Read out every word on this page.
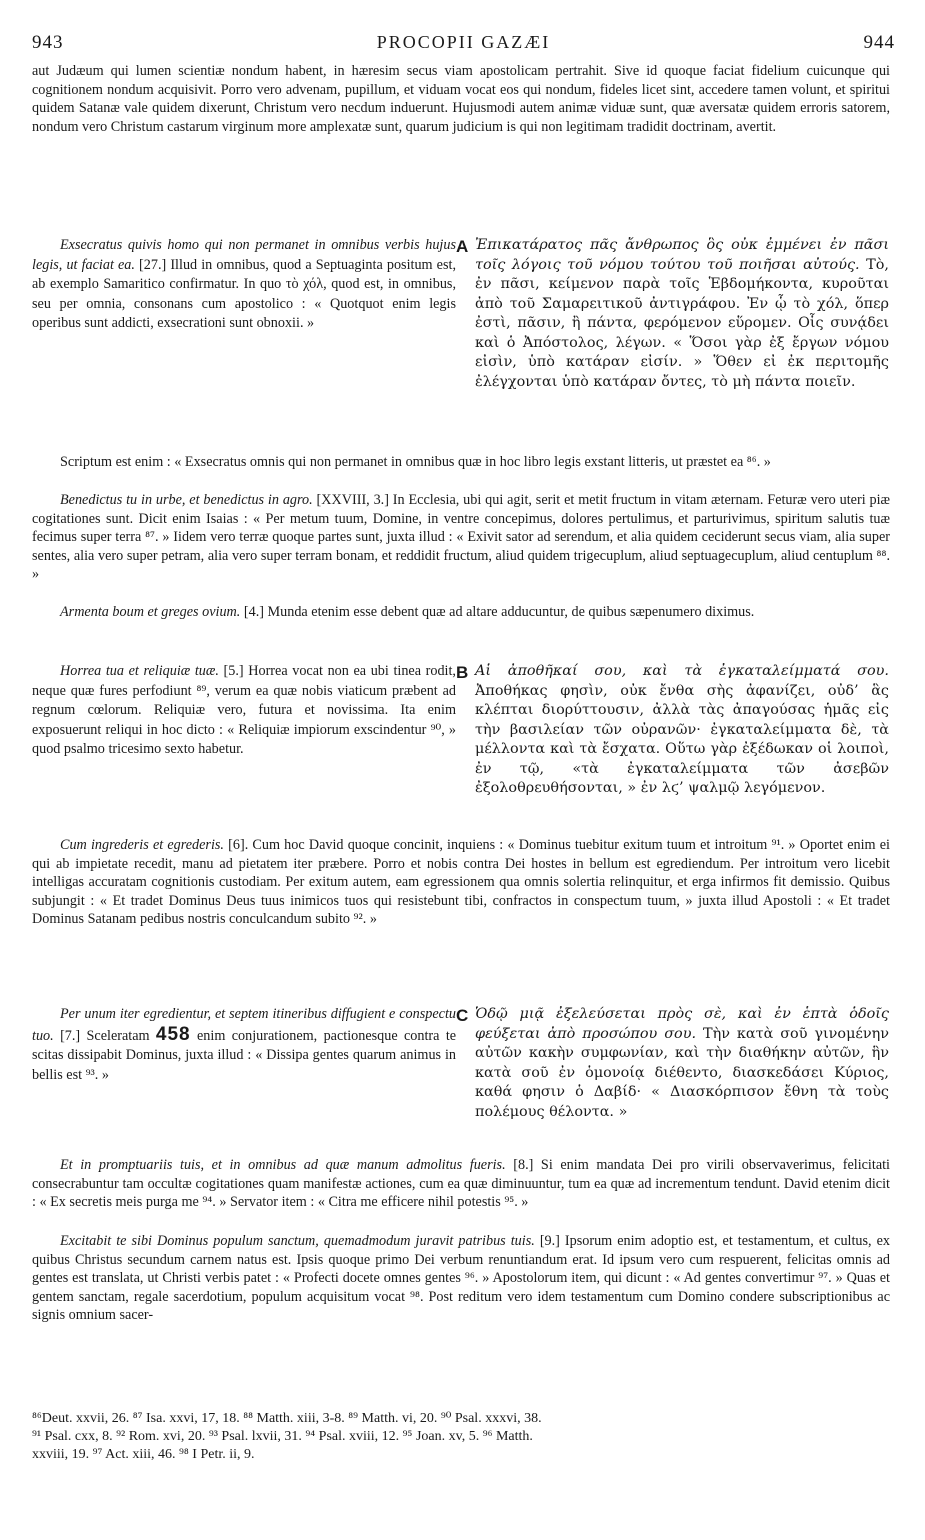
943	PROCOPII GAZÆI	944

aut Judæum qui lumen scientiæ nondum habent, in hæresim secus viam apostolicam pertrahit. Sive id quoque faciat fidelium cuicunque qui cognitionem nondum acquisivit. Porro vero advenam, pupillum, et viduam vocat eos qui nondum, fideles licet sint, accedere tamen volunt, et spiritui quidem Satanæ vale quidem dixerunt, Christum vero necdum induerunt. Hujusmodi autem animæ viduæ sunt, quæ aversatæ quidem erroris satorem, nondum vero Christum castarum virginum more amplexatæ sunt, quarum judicium is qui non legitimam tradidit doctrinam, avertit.

Exsecratus quivis homo qui non permanet in omnibus verbis hujus legis, ut faciat ea. [27.] Illud in omnibus, quod a Septuaginta positum est, ab exemplo Samaritico confirmatur. In quo τὸ χόλ, quod est, in omnibus, seu per omnia, consonans cum apostolico : « Quotquot enim legis operibus sunt addicti, exsecrationi sunt obnoxii. »

A Ἐπικατάρατος πᾶς ἄνθρωπος ὃς οὐκ ἐμμένει ἐν πᾶσι τοῖς λόγοις τοῦ νόμου τούτου τοῦ ποιῆσαι αὐτούς. Τὸ, ἐν πᾶσι, κείμενον παρὰ τοῖς Ἑβδομήκοντα, κυροῦται ἀπὸ τοῦ Σαμαρειτικοῦ ἀντιγράφου. Ἐν ᾧ τὸ χόλ, ὅπερ ἐστὶ, πᾶσιν, ἢ πάντα, φερόμενον εὕρομεν. Οἷς συνᾴδει καὶ ὁ Ἀπόστολος, λέγων. « Ὅσοι γὰρ ἐξ ἔργων νόμου εἰσὶν, ὑπὸ κατάραν εἰσίν. » Ὅθεν εἰ ἐκ περιτομῆς ἐλέγχονται ὑπὸ κατάραν ὄντες, τὸ μὴ πάντα ποιεῖν.

Scriptum est enim : « Exsecratus omnis qui non permanet in omnibus quæ in hoc libro legis exstant litteris, ut præstet ea ⁸⁶. »

Benedictus tu in urbe, et benedictus in agro. [XXVIII, 3.] In Ecclesia, ubi qui agit, serit et metit fructum in vitam æternam. Feturæ vero uteri piæ cogitationes sunt. Dicit enim Isaias : « Per metum tuum, Domine, in ventre concepimus, dolores pertulimus, et parturivimus, spiritum salutis tuæ fecimus super terra ⁸⁷. » Iidem vero terræ quoque partes sunt, juxta illud : « Exivit sator ad serendum, et alia quidem ceciderunt secus viam, alia super sentes, alia vero super petram, alia vero super terram bonam, et reddidit fructum, aliud quidem trigecuplum, aliud septuagecuplum, aliud centuplum ⁸⁸. »

Armenta boum et greges ovium. [4.] Munda etenim esse debent quæ ad altare adducuntur, de quibus sæpenumero diximus.

Horrea tua et reliquiæ tuæ. [5.] Horrea vocat non ea ubi tinea rodit, neque quæ fures perfodiunt ⁸⁹, verum ea quæ nobis viaticum præbent ad regnum cœlorum. Reliquiæ vero, futura et novissima. Ita enim exposuerunt reliqui in hoc dicto : « Reliquiæ impiorum exscindentur ⁹⁰, » quod psalmo tricesimo sexto habetur.

B Αἱ ἀποθῆκαί σου, καὶ τὰ ἐγκαταλείμματά σου. Ἀποθήκας φησὶν, οὐκ ἔνθα σὴς ἀφανίζει, οὐδ’ ἃς κλέπται διορύττουσιν, ἀλλὰ τὰς ἀπαγούσας ἡμᾶς εἰς τὴν βασιλείαν τῶν οὐρανῶν· ἐγκαταλείμματα δὲ, τὰ μέλλοντα καὶ τὰ ἔσχατα. Οὕτω γὰρ ἐξέδωκαν οἱ λοιποὶ, ἐν τῷ, «τὰ ἐγκαταλείμματα τῶν ἀσεβῶν ἐξολοθρευθήσονται, » ἐν λϛ’ ψαλμῷ λεγόμενον.

Cum ingrederis et egrederis. [6]. Cum hoc David quoque concinit, inquiens : « Dominus tuebitur exitum tuum et introitum ⁹¹. » Oportet enim ei qui ab impietate recedit, manu ad pietatem iter præbere. Porro et nobis contra Dei hostes in bellum est egrediendum. Per introitum vero licebit intelligas accuratam cognitionis custodiam. Per exitum autem, eam egressionem qua omnis solertia relinquitur, et erga infirmos fit demissio. Quibus subjungit : « Et tradet Dominus Deus tuus inimicos tuos qui resistebunt tibi, confractos in conspectum tuum, » juxta illud Apostoli : « Et tradet Dominus Satanam pedibus nostris conculcandum subito ⁹². »

Per unum iter egredientur, et septem itineribus diffugient e conspectu tuo. [7.] Sceleratam 458 enim conjurationem, pactionesque contra te scitas dissipabit Dominus, juxta illud : « Dissipa gentes quarum animus in bellis est ⁹³. »

C Ὁδῷ μιᾷ ἐξελεύσεται πρὸς σὲ, καὶ ἐν ἑπτὰ ὁδοῖς φεύξεται ἀπὸ προσώπου σου. Τὴν κατὰ σοῦ γινομένην αὐτῶν κακὴν συμφωνίαν, καὶ τὴν διαθήκην αὐτῶν, ἣν κατὰ σοῦ ἐν ὁμονοίᾳ διέθεντο, διασκεδάσει Κύριος, καθά φησιν ὁ Δαβίδ· « Διασκόρπισον ἔθνη τὰ τοὺς πολέμους θέλοντα. »

Et in promptuariis tuis, et in omnibus ad quæ manum admolitus fueris. [8.] Si enim mandata Dei pro virili observaverimus, felicitati consecrabuntur tam occultæ cogitationes quam manifestæ actiones, cum ea quæ diminuuntur, tum ea quæ ad incrementum tendunt. David etenim dicit : « Ex secretis meis purga me ⁹⁴. » Servator item : « Citra me efficere nihil potestis ⁹⁵. »

Excitabit te sibi Dominus populum sanctum, quemadmodum juravit patribus tuis. [9.] Ipsorum enim adoptio est, et testamentum, et cultus, ex quibus Christus secundum carnem natus est. Ipsis quoque primo Dei verbum renuntiandum erat. Id ipsum vero cum respuerent, felicitas omnis ad gentes est translata, ut Christi verbis patet : « Profecti docete omnes gentes ⁹⁶. » Apostolorum item, qui dicunt : « Ad gentes convertimur ⁹⁷. » Quas et gentem sanctam, regale sacerdotium, populum acquisitum vocat ⁹⁸. Post reditum vero idem testamentum cum Domino condere subscriptionibus ac signis omnium sacer-

⁸⁶Deut. xxvii, 26. ⁸⁷ Isa. xxvi, 17, 18. ⁸⁸ Matth. xiii, 3-8. ⁸⁹ Matth. vi, 20. ⁹⁰ Psal. xxxvi, 38.
⁹¹ Psal. cxx, 8. ⁹² Rom. xvi, 20. ⁹³ Psal. lxvii, 31. ⁹⁴ Psal. xviii, 12. ⁹⁵ Joan. xv, 5. ⁹⁶ Matth.
xxviii, 19. ⁹⁷ Act. xiii, 46. ⁹⁸ I Petr. ii, 9.
